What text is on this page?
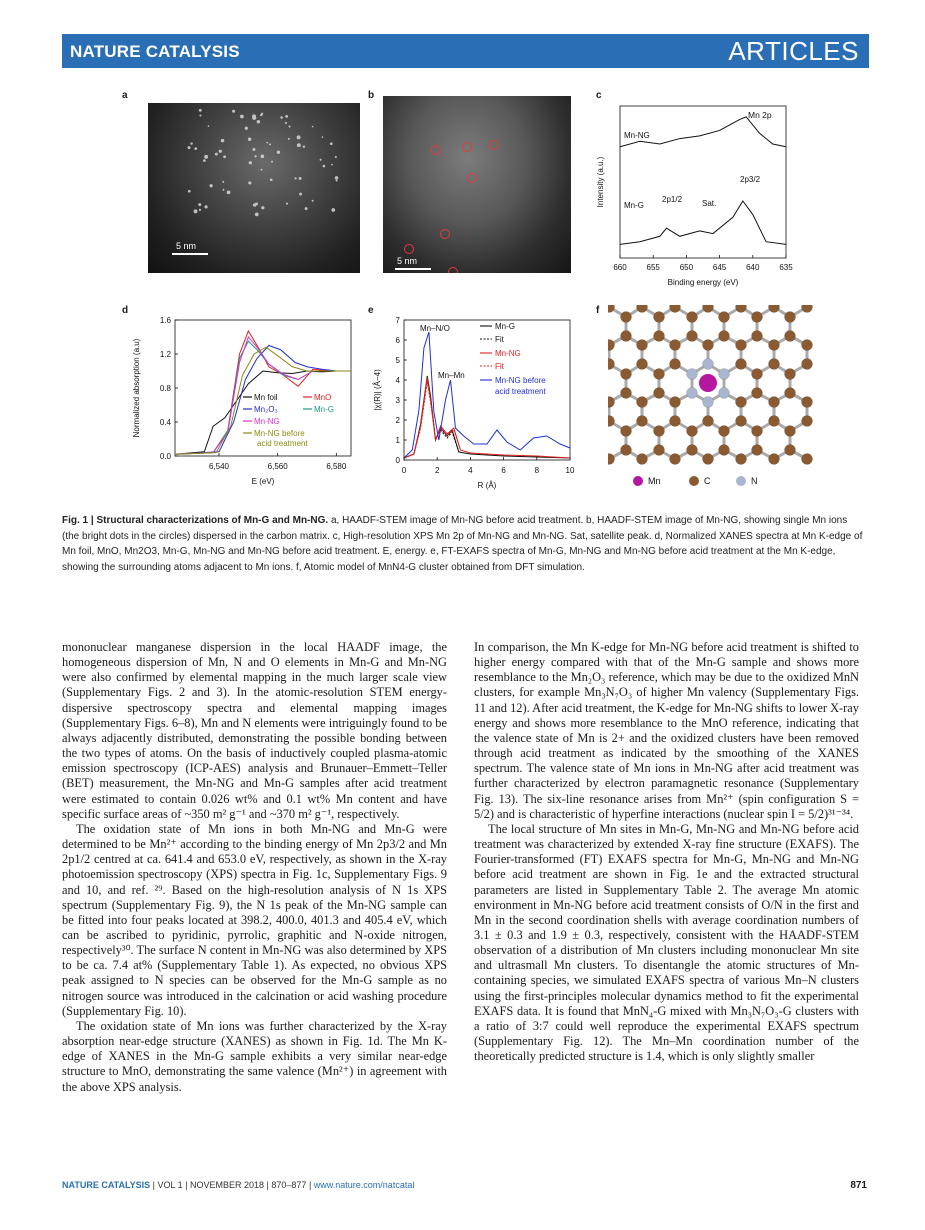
NATURE CATALYSIS	ARTICLES
a	b	c
d	e	f
5 nm
5 nm
660 655 650 645 640 635
Binding energy (eV)
Intensity (a.u.)
Mn 2p
Mn-NG
Mn-G
2p3/2
2p1/2 Sat.
6,540	6,560	6,580
0.0
0.4
0.8
1.2
1.6
E (eV)
Normalized absorption (a.u)	Mn foil	MnO
Mn₂O₃	Mn-G
Mn-NG
Mn-NG before
acid treatment
0	2	4	6	8	10
0
1
2
3
4
5
6
7
R (Å)
|χ(R)| (Å−4)
Mn–N/O
Mn–Mn
Mn-G
Fit
Mn-NG
Fit
Mn-NG before
acid treatment
Mn	C	N
Fig. 1 | Structural characterizations of Mn-G and Mn-NG. a, HAADF-STEM image of Mn-NG before acid treatment. b, HAADF-STEM image of Mn-NG, showing single Mn ions (the bright dots in the circles) dispersed in the carbon matrix. c, High-resolution XPS Mn 2p of Mn-NG and Mn-NG. Sat, satellite peak. d, Normalized XANES spectra at Mn K-edge of Mn foil, MnO, Mn2O3, Mn-G, Mn-NG and Mn-NG before acid treatment. E, energy. e, FT-EXAFS spectra of Mn-G, Mn-NG and Mn-NG before acid treatment at the Mn K-edge, showing the surrounding atoms adjacent to Mn ions. f, Atomic model of MnN4-G cluster obtained from DFT simulation.

mononuclear manganese dispersion in the local HAADF image, the homogeneous dispersion of Mn, N and O elements in Mn-G and Mn-NG were also confirmed by elemental mapping in the much larger scale view (Supplementary Figs. 2 and 3). In the atomic-resolution STEM energy-dispersive spectroscopy spectra and elemental mapping images (Supplementary Figs. 6–8), Mn and N elements were intriguingly found to be always adjacently distributed, demonstrating the possible bonding between the two types of atoms. On the basis of inductively coupled plasma-atomic emission spectroscopy (ICP-AES) analysis and Brunauer–Emmett–Teller (BET) measurement, the Mn-NG and Mn-G samples after acid treatment were estimated to contain 0.026 wt% and 0.1 wt% Mn content and have specific surface areas of ~350 m² g⁻¹ and ~370 m² g⁻¹, respectively.

The oxidation state of Mn ions in both Mn-NG and Mn-G were determined to be Mn²⁺ according to the binding energy of Mn 2p3/2 and Mn 2p1/2 centred at ca. 641.4 and 653.0 eV, respectively, as shown in the X-ray photoemission spectroscopy (XPS) spectra in Fig. 1c, Supplementary Figs. 9 and 10, and ref. ²⁹. Based on the high-resolution analysis of N 1s XPS spectrum (Supplementary Fig. 9), the N 1s peak of the Mn-NG sample can be fitted into four peaks located at 398.2, 400.0, 401.3 and 405.4 eV, which can be ascribed to pyridinic, pyrrolic, graphitic and N-oxide nitrogen, respectively³⁰. The surface N content in Mn-NG was also determined by XPS to be ca. 7.4 at% (Supplementary Table 1). As expected, no obvious XPS peak assigned to N species can be observed for the Mn-G sample as no nitrogen source was introduced in the calcination or acid washing procedure (Supplementary Fig. 10).

The oxidation state of Mn ions was further characterized by the X-ray absorption near-edge structure (XANES) as shown in Fig. 1d. The Mn K-edge of XANES in the Mn-G sample exhibits a very similar near-edge structure to MnO, demonstrating the same valence (Mn²⁺) in agreement with the above XPS analysis.

In comparison, the Mn K-edge for Mn-NG before acid treatment is shifted to higher energy compared with that of the Mn-G sample and shows more resemblance to the Mn₂O₃ reference, which may be due to the oxidized MnN clusters, for example Mn₃N₇O₃ of higher Mn valency (Supplementary Figs. 11 and 12). After acid treatment, the K-edge for Mn-NG shifts to lower X-ray energy and shows more resemblance to the MnO reference, indicating that the valence state of Mn is 2+ and the oxidized clusters have been removed through acid treatment as indicated by the smoothing of the XANES spectrum. The valence state of Mn ions in Mn-NG after acid treatment was further characterized by electron paramagnetic resonance (Supplementary Fig. 13). The six-line resonance arises from Mn²⁺ (spin configuration S = 5/2) and is characteristic of hyperfine interactions (nuclear spin I = 5/2)³¹⁻³⁴.

The local structure of Mn sites in Mn-G, Mn-NG and Mn-NG before acid treatment was characterized by extended X-ray fine structure (EXAFS). The Fourier-transformed (FT) EXAFS spectra for Mn-G, Mn-NG and Mn-NG before acid treatment are shown in Fig. 1e and the extracted structural parameters are listed in Supplementary Table 2. The average Mn atomic environment in Mn-NG before acid treatment consists of O/N in the first and Mn in the second coordination shells with average coordination numbers of 3.1 ± 0.3 and 1.9 ± 0.3, respectively, consistent with the HAADF-STEM observation of a distribution of Mn clusters including mononuclear Mn site and ultrasmall Mn clusters. To disentangle the atomic structures of Mn-containing species, we simulated EXAFS spectra of various Mn–N clusters using the first-principles molecular dynamics method to fit the experimental EXAFS data. It is found that MnN₄-G mixed with Mn₃N₇O₃-G clusters with a ratio of 3:7 could well reproduce the experimental EXAFS spectrum (Supplementary Fig. 12). The Mn–Mn coordination number of the theoretically predicted structure is 1.4, which is only slightly smaller

NATURE CATALYSIS | VOL 1 | NOVEMBER 2018 | 870–877 | www.nature.com/natcatal	871
